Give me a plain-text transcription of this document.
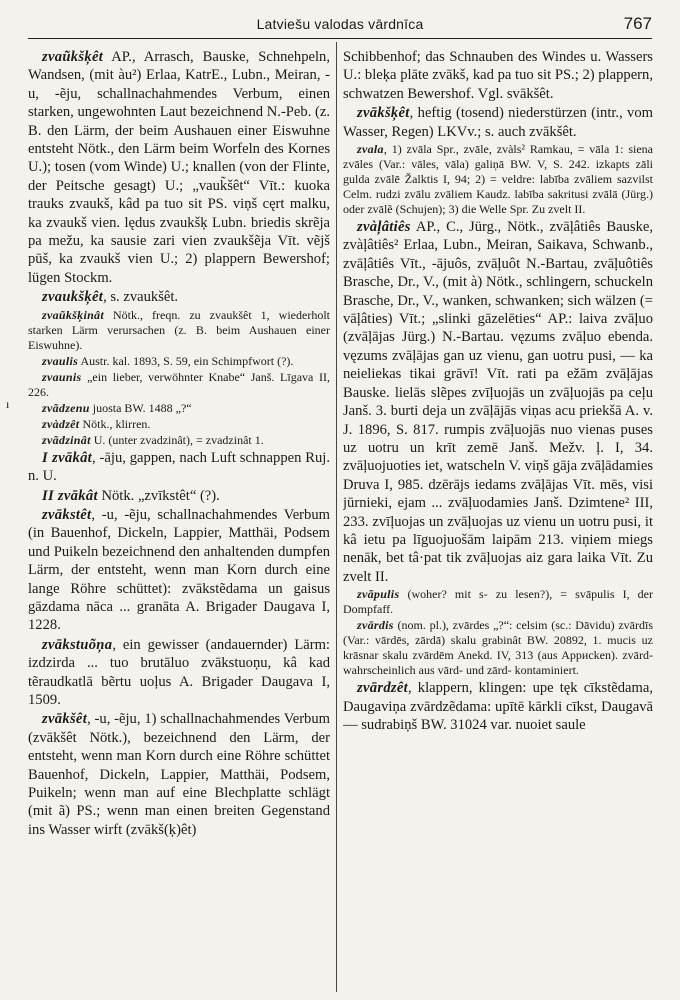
Latviešu valodas vārdnīca	767
ı

zvaũkšķêt AP., Arrasch, Bauske, Schnehpeln, Wandsen, (mit àu²) Erlaa, KatrE., Lubn., Meiran, -u, -ẽju, schallnachahmendes Verbum, einen starken, ungewohnten Laut bezeichnend N.-Peb. (z. B. den Lärm, der beim Aushauen einer Eiswuhne entsteht Nötk., den Lärm beim Worfeln des Kornes U.); tosen (vom Winde) U.; knallen (von der Flinte, der Peitsche gesagt) U.; „vauk̃šêt“ Vīt.: kuoka trauks zvaukš, kâd pa tuo sit PS. viņš cęrt malku, ka zvaukš vien. lędus zvaukšķ Lubn. briedis skrẽja pa mežu, ka sausie zari vien zvaukšẽja Vīt. vẽjš pūš, ka zvaukš vien U.; 2) plappern Bewershof; lügen Stockm.

zvaukšķêt, s. zvaukšêt.

zvaũkšķinât Nötk., freqn. zu zvaukšêt 1, wiederholt starken Lärm verursachen (z. B. beim Aushauen einer Eiswuhne).

zvaulis Austr. kal. 1893, S. 59, ein Schimpfwort (?).

zvaunis „ein lieber, verwöhnter Knabe“ Janš. Līgava II, 226.

zvãdzenu juosta BW. 1488 „?“

zvàdzêt Nötk., klirren.

zvãdzinât U. (unter zvadzinât), = zvadzinât 1.

I zvākât, -āju, gappen, nach Luft schnappen Ruj. n. U.

II zvākât Nötk. „zvīkstêt“ (?).

zvākstêt, -u, -ẽju, schallnachahmendes Verbum (in Bauenhof, Dickeln, Lappier, Matthäi, Podsem und Puikeln bezeichnend den anhaltenden dumpfen Lärm, der entsteht, wenn man Korn durch eine lange Röhre schüttet): zvākstẽdama un gaisus gāzdama nāca ... granāta A. Brigader Daugava I, 1228.

zvākstuõņa, ein gewisser (andauernder) Lärm: izdzirda ... tuo brutāluo zvākstuoņu, kâ kad tẽraudkatlā bẽrtu uoļus A. Brigader Daugava I, 1509.

zvākšêt, -u, -ẽju, 1) schallnachahmendes Verbum (zvākšêt Nötk.), bezeichnend den Lärm, der entsteht, wenn man Korn durch eine Röhre schüttet Bauenhof, Dickeln, Lappier, Matthäi, Podsem, Puikeln; wenn man auf eine Blechplatte schlägt (mit ã) PS.; wenn man einen breiten Gegenstand ins Wasser wirft (zvākš(ķ)êt)

Schibbenhof; das Schnauben des Windes u. Wassers U.: bleķa plāte zvākš, kad pa tuo sit PS.; 2) plappern, schwatzen Bewershof. Vgl. svākšêt.

zvākšķêt, heftig (tosend) niederstürzen (intr., vom Wasser, Regen) LKVv.; s. auch zvākšêt.

zvala, 1) zvāla Spr., zvāle, zvàls² Ramkau, = vāla 1: siena zvāles (Var.: vāles, vāla) galiņā BW. V, S. 242. izkapts zāli gulda zvālē Žalktis I, 94; 2) = veldre: labība zvāliem sazvilst Celm. rudzi zvālu zvāliem Kaudz. labība sakritusi zvālā (Jürg.) oder zvālẽ (Schujen); 3) die Welle Spr. Zu zvelt II.

zvàļâtiês AP., C., Jürg., Nötk., zvāļâtiês Bauske, zvàļâtiês² Erlaa, Lubn., Meiran, Saikava, Schwanb., zvāļâtiês Vīt., -ājuôs, zvāļuôt N.-Bartau, zvāļuôtiês Brasche, Dr., V., (mit à) Nötk., schlingern, schuckeln Brasche, Dr., V., wanken, schwanken; sich wälzen (= vāļâties) Vīt.; „slinki gāzelēties“ AP.: laiva zvāļuo (zvāļājas Jürg.) N.-Bartau. vęzums zvāļuo ebenda. vęzums zvāļājas gan uz vienu, gan uotru pusi, — ka neieliekas tikai grāvī! Vīt. rati pa ežām zvāļājas Bauske. lielās slẽpes zvīļuojās un zvāļuojās pa ceļu Janš. 3. burti deja un zvāļājās viņas acu priekšā A. v. J. 1896, S. 817. rumpis zvāļuojās nuo vienas puses uz uotru un krīt zemē Janš. Mežv. ļ. I, 34. zvāļuojuoties iet, watscheln V. viņš gāja zvāļādamies Druva I, 985. dzērājs iedams zvāļājas Vīt. mēs, visi jūrnieki, ejam ... zvāļuodamies Janš. Dzimtene² III, 233. zvīļuojas un zvāļuojas uz vienu un uotru pusi, it kâ ietu pa līguojuošām laipām 213. viņiem miegs nenāk, bet tâ·pat tik zvāļuojas aiz gara laika Vīt. Zu zvelt II.

zvãpulis (woher? mit s- zu lesen?), = svāpulis I, der Dompfaff.

zvārdis (nom. pl.), zvārdes „?“: celsim (sc.: Dāvidu) zvārdīs (Var.: vārdēs, zārdā) skalu grabinât BW. 20892, 1. mucis uz krāsnar skalu zvārdēm Anekd. IV, 313 (aus Apриcken). zvārd- wahrscheinlich aus vārd- und zārd- kontaminiert.

zvārdzêt, klappern, klingen: upe tęk cīkstẽdama, Daugaviņa zvārdzẽdama: upītē kārkli cīkst, Daugavā — sudrabiņš BW. 31024 var. nuoiet saule
